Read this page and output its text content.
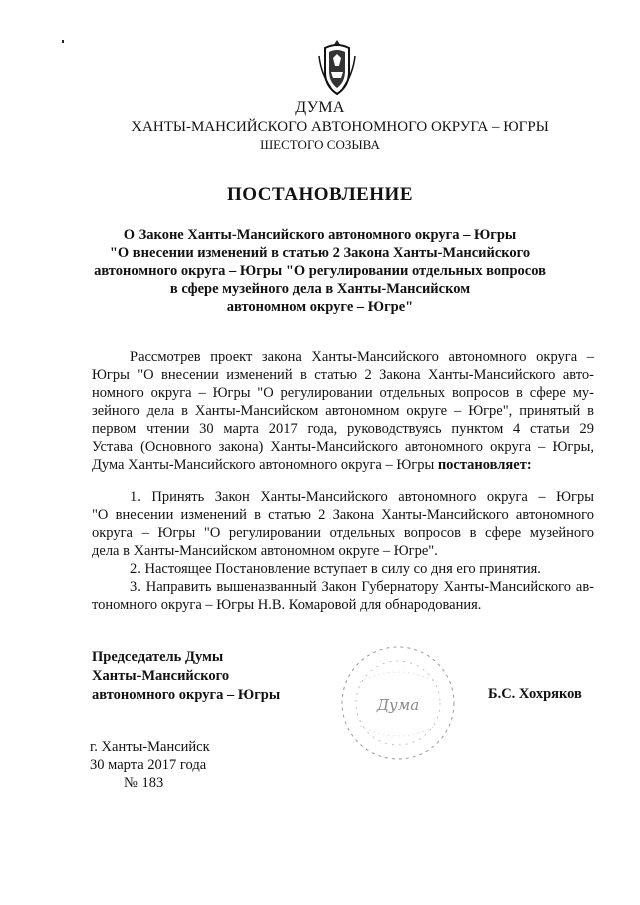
ДУМА
ХАНТЫ-МАНСИЙСКОГО АВТОНОМНОГО ОКРУГА – ЮГРЫ
ШЕСТОГО СОЗЫВА
ПОСТАНОВЛЕНИЕ
О Законе Ханты-Мансийского автономного округа – Югры
"О внесении изменений в статью 2 Закона Ханты-Мансийского
автономного округа – Югры "О регулировании отдельных вопросов
в сфере музейного дела в Ханты-Мансийском
автономном округе – Югре"
Рассмотрев проект закона Ханты-Мансийского автономного округа –
Югры "О внесении изменений в статью 2 Закона Ханты-Мансийского авто-
номного округа – Югры "О регулировании отдельных вопросов в сфере му-
зейного дела в Ханты-Мансийском автономном округе – Югре", принятый в
первом чтении 30 марта 2017 года, руководствуясь пунктом 4 статьи 29
Устава (Основного закона) Ханты-Мансийского автономного округа – Югры,
Дума Ханты-Мансийского автономного округа – Югры постановляет:
1. Принять Закон Ханты-Мансийского автономного округа – Югры
"О внесении изменений в статью 2 Закона Ханты-Мансийского автономного
округа – Югры "О регулировании отдельных вопросов в сфере музейного
дела в Ханты-Мансийском автономном округе – Югре".
2. Настоящее Постановление вступает в силу со дня его принятия.
3. Направить вышеназванный Закон Губернатору Ханты-Мансийского ав-
тономного округа – Югры Н.В. Комаровой для обнародования.
Председатель Думы
Ханты-Мансийского
автономного округа – Югры
Дума
Б.С. Хохряков
г. Ханты-Мансийск
30 марта 2017 года
№ 183
